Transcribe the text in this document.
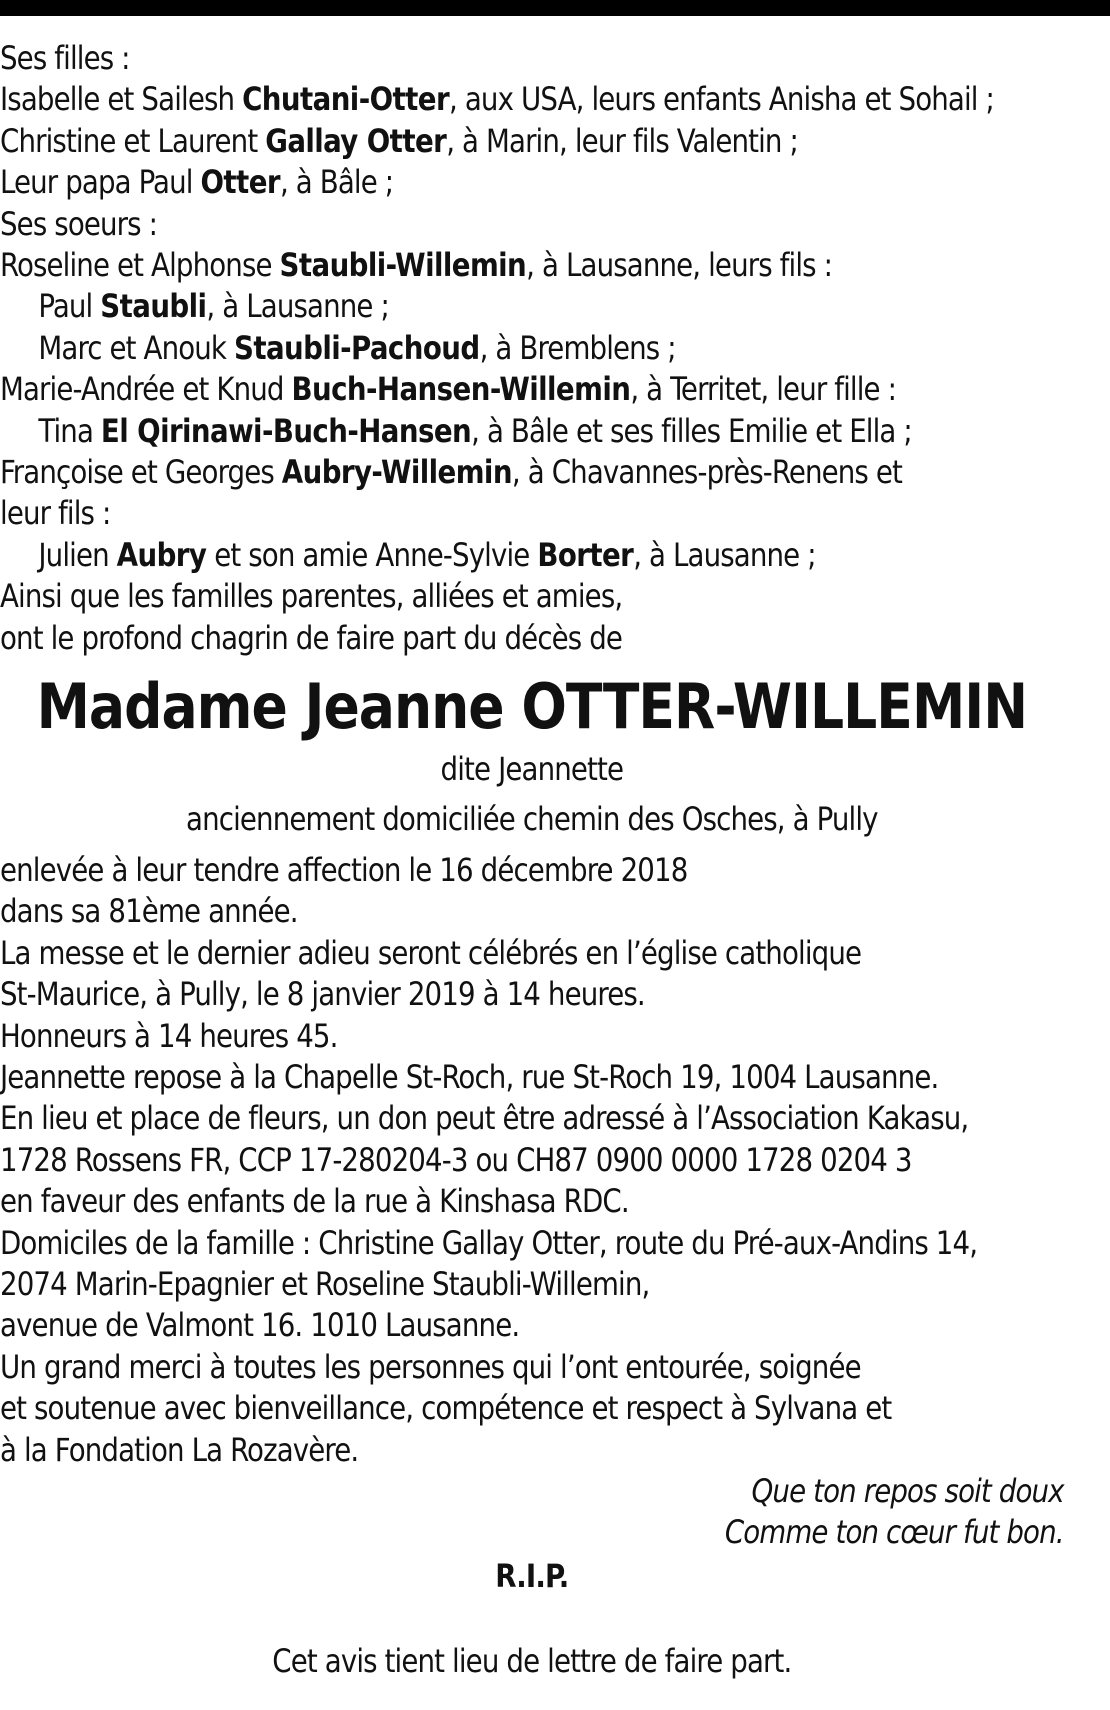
Ses filles :
Isabelle et Sailesh Chutani-Otter, aux USA, leurs enfants Anisha et Sohail ;
Christine et Laurent Gallay Otter, à Marin, leur fils Valentin ;
Leur papa Paul Otter, à Bâle ;
Ses soeurs :
Roseline et Alphonse Staubli-Willemin, à Lausanne, leurs fils :
Paul Staubli, à Lausanne ;
Marc et Anouk Staubli-Pachoud, à Bremblens ;
Marie-Andrée et Knud Buch-Hansen-Willemin, à Territet, leur fille :
Tina El Qirinawi-Buch-Hansen, à Bâle et ses filles Emilie et Ella ;
Françoise et Georges Aubry-Willemin, à Chavannes-près-Renens et
leur fils :
Julien Aubry et son amie Anne-Sylvie Borter, à Lausanne ;
Ainsi que les familles parentes, alliées et amies,
ont le profond chagrin de faire part du décès de
Madame Jeanne OTTER-WILLEMIN
dite Jeannette
anciennement domiciliée chemin des Osches, à Pully
enlevée à leur tendre affection le 16 décembre 2018
dans sa 81ème année.
La messe et le dernier adieu seront célébrés en l’église catholique
St-Maurice, à Pully, le 8 janvier 2019 à 14 heures.
Honneurs à 14 heures 45.
Jeannette repose à la Chapelle St-Roch, rue St-Roch 19, 1004 Lausanne.
En lieu et place de fleurs, un don peut être adressé à l’Association Kakasu,
1728 Rossens FR, CCP 17-280204-3 ou CH87 0900 0000 1728 0204 3
en faveur des enfants de la rue à Kinshasa RDC.
Domiciles de la famille : Christine Gallay Otter, route du Pré-aux-Andins 14,
2074 Marin-Epagnier et Roseline Staubli-Willemin,
avenue de Valmont 16. 1010 Lausanne.
Un grand merci à toutes les personnes qui l’ont entourée, soignée
et soutenue avec bienveillance, compétence et respect à Sylvana et
à la Fondation La Rozavère.
Que ton repos soit doux
Comme ton cœur fut bon.
R.I.P.
Cet avis tient lieu de lettre de faire part.
